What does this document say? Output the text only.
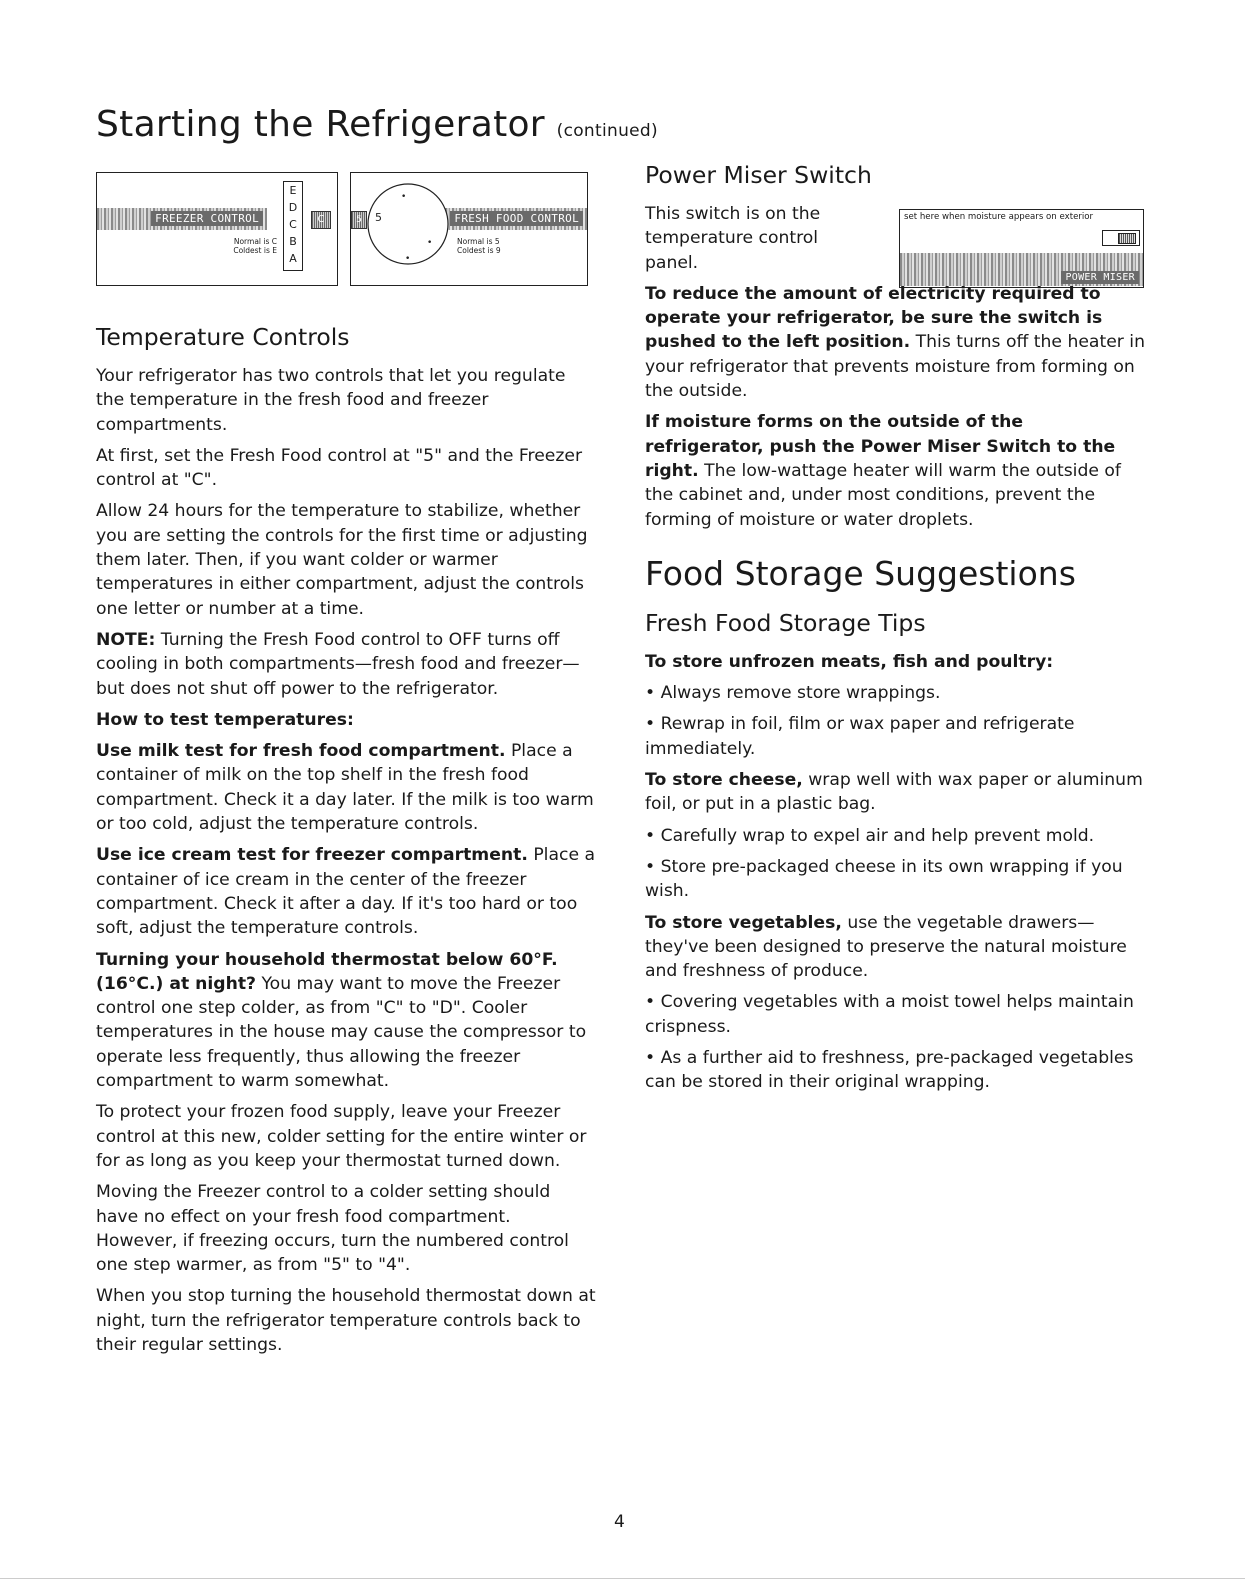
Starting the Refrigerator (continued)
FREEZER CONTROL
Normal is C
Coldest is E
E
D
C
B
A
C	FRESH FOOD CONTROL
Normal is 5
Coldest is 9
5
•
•
•
5
Temperature Controls

Your refrigerator has two controls that let you regulate the temperature in the fresh food and freezer compartments.

At first, set the Fresh Food control at "5" and the Freezer control at "C".

Allow 24 hours for the temperature to stabilize, whether you are setting the controls for the first time or adjusting them later. Then, if you want colder or warmer temperatures in either compartment, adjust the controls one letter or number at a time.

NOTE: Turning the Fresh Food control to OFF turns off cooling in both compartments—fresh food and freezer— but does not shut off power to the refrigerator.

How to test temperatures:

Use milk test for fresh food compartment. Place a container of milk on the top shelf in the fresh food compartment. Check it a day later. If the milk is too warm or too cold, adjust the temperature controls.

Use ice cream test for freezer compartment. Place a container of ice cream in the center of the freezer compartment. Check it after a day. If it's too hard or too soft, adjust the temperature controls.

Turning your household thermostat below 60°F. (16°C.) at night? You may want to move the Freezer control one step colder, as from "C" to "D". Cooler temperatures in the house may cause the compressor to operate less frequently, thus allowing the freezer compartment to warm somewhat.

To protect your frozen food supply, leave your Freezer control at this new, colder setting for the entire winter or for as long as you keep your thermostat turned down.

Moving the Freezer control to a colder setting should have no effect on your fresh food compartment. However, if freezing occurs, turn the numbered control one step warmer, as from "5" to "4".

When you stop turning the household thermostat down at night, turn the refrigerator temperature controls back to their regular settings.

set here when moisture appears on exterior
POWER MISER
Power Miser Switch

This switch is on the temperature control panel.

To reduce the amount of electricity required to operate your refrigerator, be sure the switch is pushed to the left position. This turns off the heater in your refrigerator that prevents moisture from forming on the outside.

If moisture forms on the outside of the refrigerator, push the Power Miser Switch to the right. The low-wattage heater will warm the outside of the cabinet and, under most conditions, prevent the forming of moisture or water droplets.

Food Storage Suggestions
Fresh Food Storage Tips

To store unfrozen meats, fish and poultry:

• Always remove store wrappings.

• Rewrap in foil, film or wax paper and refrigerate immediately.

To store cheese, wrap well with wax paper or aluminum foil, or put in a plastic bag.

• Carefully wrap to expel air and help prevent mold.

• Store pre-packaged cheese in its own wrapping if you wish.

To store vegetables, use the vegetable drawers— they've been designed to preserve the natural moisture and freshness of produce.

• Covering vegetables with a moist towel helps maintain crispness.

• As a further aid to freshness, pre-packaged vegetables can be stored in their original wrapping.

4
